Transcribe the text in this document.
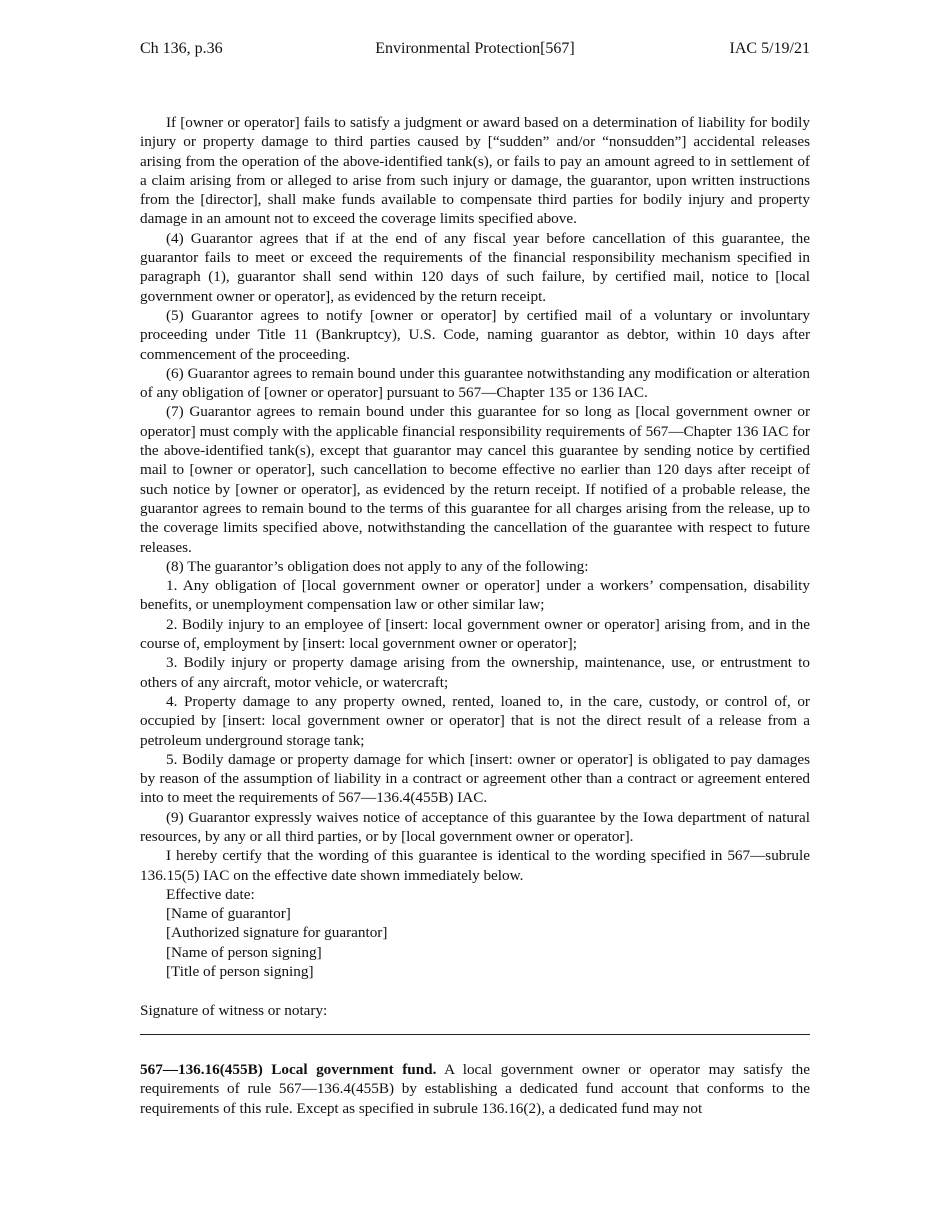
Ch 136, p.36	Environmental Protection[567]	IAC 5/19/21

If [owner or operator] fails to satisfy a judgment or award based on a determination of liability for bodily injury or property damage to third parties caused by [“sudden” and/or “nonsudden”] accidental releases arising from the operation of the above-identified tank(s), or fails to pay an amount agreed to in settlement of a claim arising from or alleged to arise from such injury or damage, the guarantor, upon written instructions from the [director], shall make funds available to compensate third parties for bodily injury and property damage in an amount not to exceed the coverage limits specified above.

(4) Guarantor agrees that if at the end of any fiscal year before cancellation of this guarantee, the guarantor fails to meet or exceed the requirements of the financial responsibility mechanism specified in paragraph (1), guarantor shall send within 120 days of such failure, by certified mail, notice to [local government owner or operator], as evidenced by the return receipt.

(5) Guarantor agrees to notify [owner or operator] by certified mail of a voluntary or involuntary proceeding under Title 11 (Bankruptcy), U.S. Code, naming guarantor as debtor, within 10 days after commencement of the proceeding.

(6) Guarantor agrees to remain bound under this guarantee notwithstanding any modification or alteration of any obligation of [owner or operator] pursuant to 567—Chapter 135 or 136 IAC.

(7) Guarantor agrees to remain bound under this guarantee for so long as [local government owner or operator] must comply with the applicable financial responsibility requirements of 567—Chapter 136 IAC for the above-identified tank(s), except that guarantor may cancel this guarantee by sending notice by certified mail to [owner or operator], such cancellation to become effective no earlier than 120 days after receipt of such notice by [owner or operator], as evidenced by the return receipt. If notified of a probable release, the guarantor agrees to remain bound to the terms of this guarantee for all charges arising from the release, up to the coverage limits specified above, notwithstanding the cancellation of the guarantee with respect to future releases.

(8) The guarantor’s obligation does not apply to any of the following:

1. Any obligation of [local government owner or operator] under a workers’ compensation, disability benefits, or unemployment compensation law or other similar law;

2. Bodily injury to an employee of [insert: local government owner or operator] arising from, and in the course of, employment by [insert: local government owner or operator];

3. Bodily injury or property damage arising from the ownership, maintenance, use, or entrustment to others of any aircraft, motor vehicle, or watercraft;

4. Property damage to any property owned, rented, loaned to, in the care, custody, or control of, or occupied by [insert: local government owner or operator] that is not the direct result of a release from a petroleum underground storage tank;

5. Bodily damage or property damage for which [insert: owner or operator] is obligated to pay damages by reason of the assumption of liability in a contract or agreement other than a contract or agreement entered into to meet the requirements of 567—136.4(455B) IAC.

(9) Guarantor expressly waives notice of acceptance of this guarantee by the Iowa department of natural resources, by any or all third parties, or by [local government owner or operator].

I hereby certify that the wording of this guarantee is identical to the wording specified in 567—subrule 136.15(5) IAC on the effective date shown immediately below.

Effective date:

[Name of guarantor]

[Authorized signature for guarantor]

[Name of person signing]

[Title of person signing]

Signature of witness or notary:

567—136.16(455B) Local government fund. A local government owner or operator may satisfy the requirements of rule 567—136.4(455B) by establishing a dedicated fund account that conforms to the requirements of this rule. Except as specified in subrule 136.16(2), a dedicated fund may not
